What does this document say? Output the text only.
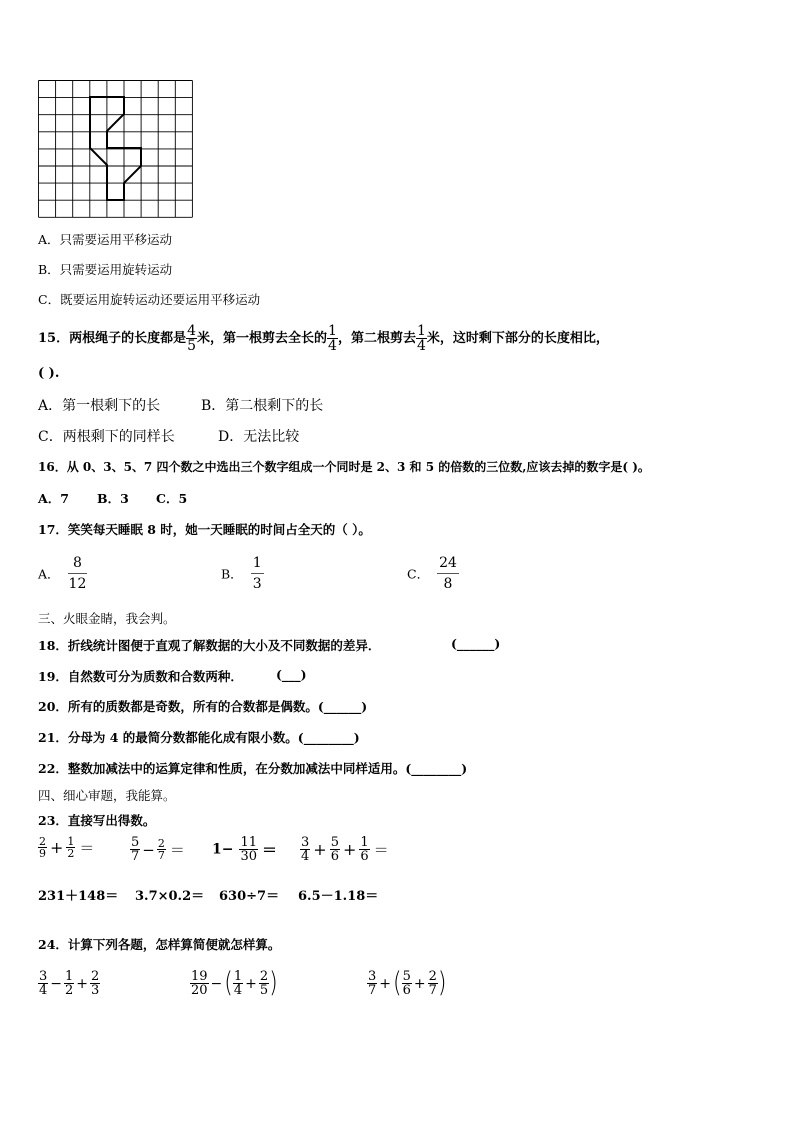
A．只需要运用平移运动
B．只需要运用旋转运动
C．既要运用旋转运动还要运用平移运动
15．两根绳子的长度都是 $\frac{4}{5}$ 米，第一根剪去全长的 $\frac{1}{4}$ ，第二根剪去 $\frac{1}{4}$ 米，这时剩下部分的长度相比，
( ).
A．第一根剩下的长	B．第二根剩下的长
C．两根剩下的同样长	D．无法比较
16．从 0、3、5、7 四个数之中选出三个数字组成一个同时是 2、3 和 5 的倍数的三位数,应该去掉的数字是( )。
A．7 B．3 C．5
17．笑笑每天睡眠 8 时，她一天睡眠的时间占全天的（ ）。
A． $\frac{8}{12}$	B． $\frac{1}{3}$	C． $\frac{24}{8}$
三、火眼金睛，我会判。
18．折线统计图便于直观了解数据的大小及不同数据的差异．	(______)
19．自然数可分为质数和合数两种．	(___)
20．所有的质数都是奇数，所有的合数都是偶数。(______)
21．分母为 4 的最简分数都能化成有限小数。(________)
22．整数加减法中的运算定律和性质，在分数加减法中同样适用。(________)
四、细心审题，我能算。
23．直接写出得数。
$\frac{2}{9} + \frac{1}{2}$ ＝	$\frac{5}{7} - \frac{2}{7} = 1- \frac{11}{30} = \frac{3}{4} + \frac{5}{6} + \frac{1}{6}$ ＝
231＋148＝ 3.7×0.2＝ 630÷7＝ 6.5－1.18＝
24．计算下列各题，怎样算简便就怎样算。
$\frac{3}{4} - \frac{1}{2} + \frac{2}{3}$	$\frac{19}{20}$ −( $\frac{1}{4} + \frac{2}{5}$ )	$\frac{3}{7}$ +( $\frac{5}{6} + \frac{2}{7}$ )
